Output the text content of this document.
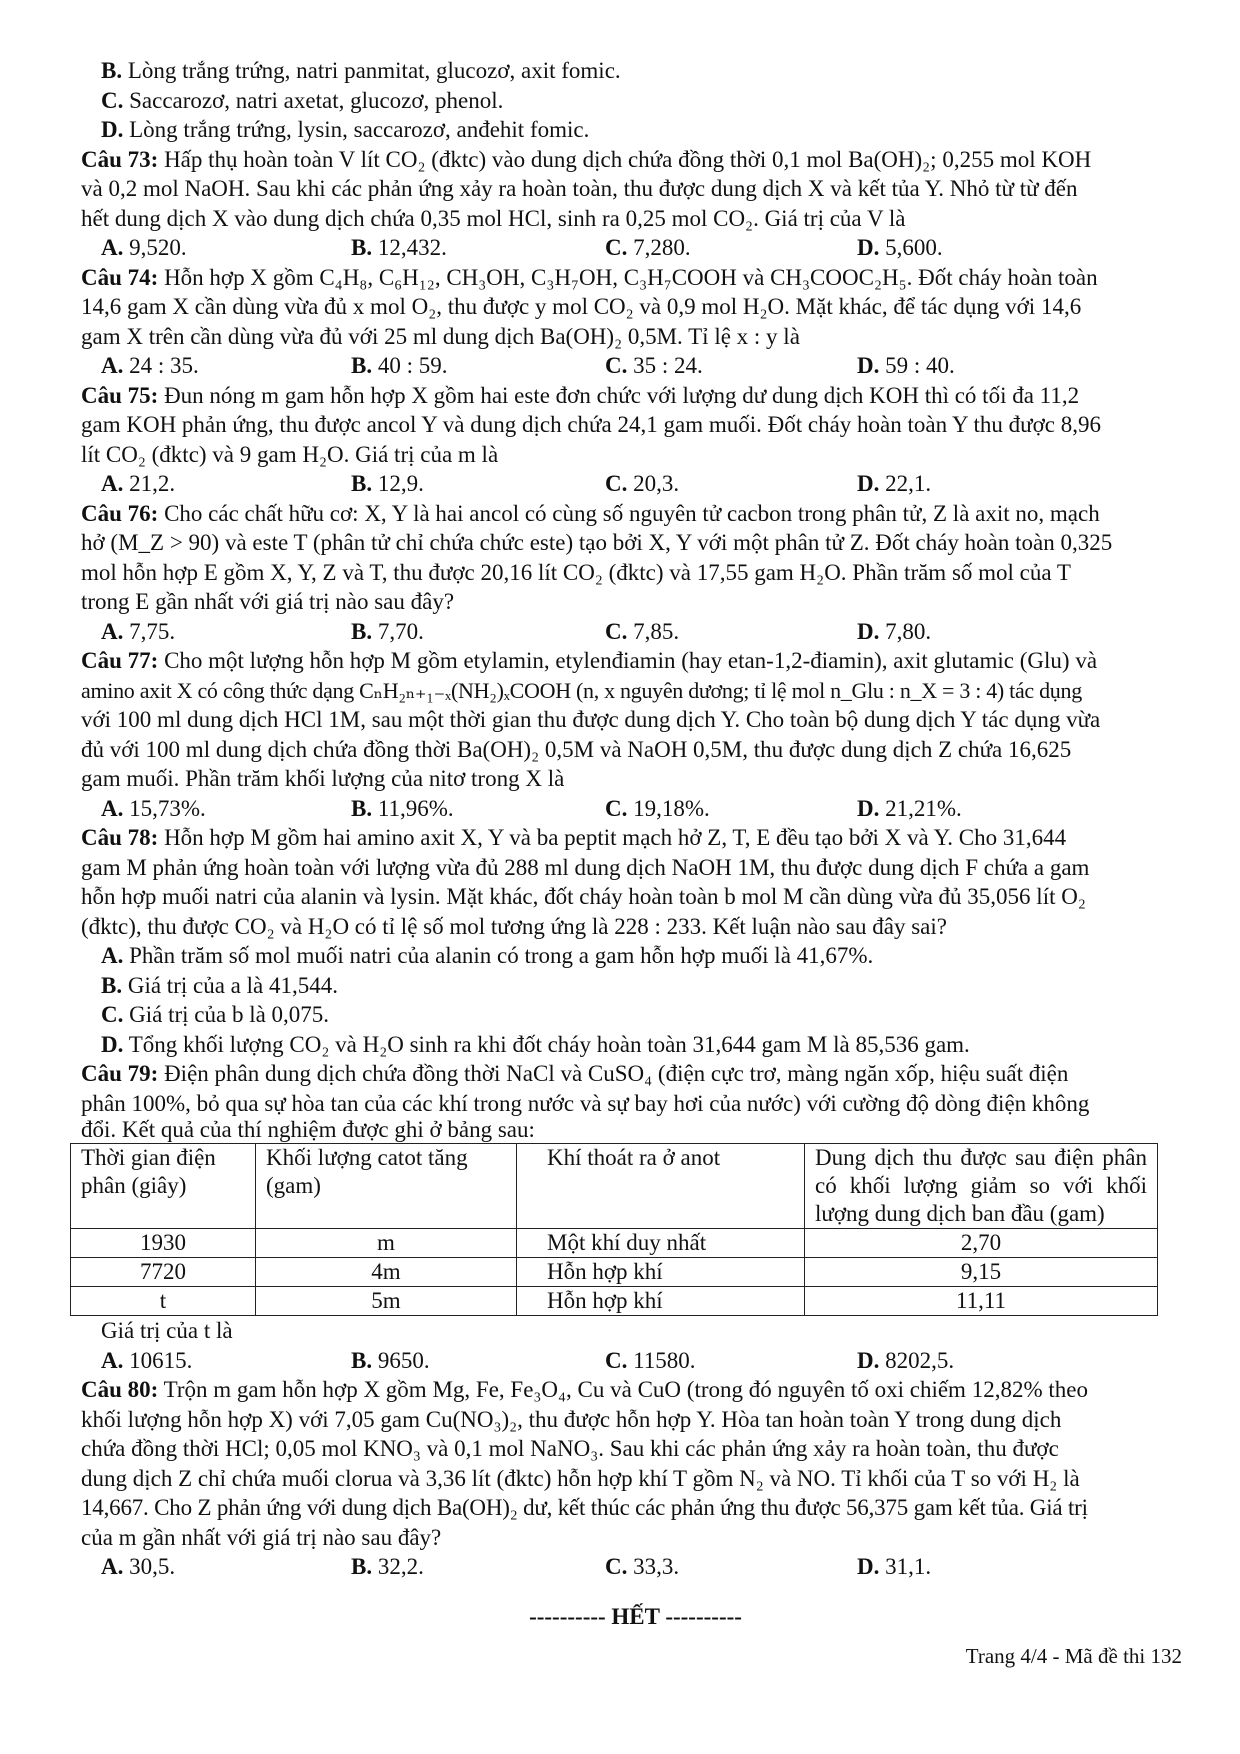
B. Lòng trắng trứng, natri panmitat, glucozơ, axit fomic.

C. Saccarozơ, natri axetat, glucozơ, phenol.

D. Lòng trắng trứng, lysin, saccarozơ, anđehit fomic.

Câu 73: Hấp thụ hoàn toàn V lít CO₂ (đktc) vào dung dịch chứa đồng thời 0,1 mol Ba(OH)₂; 0,255 mol KOH

và 0,2 mol NaOH. Sau khi các phản ứng xảy ra hoàn toàn, thu được dung dịch X và kết tủa Y. Nhỏ từ từ đến

hết dung dịch X vào dung dịch chứa 0,35 mol HCl, sinh ra 0,25 mol CO₂. Giá trị của V là

A. 9,520.	B. 12,432.	C. 7,280.	D. 5,600.

Câu 74: Hỗn hợp X gồm C₄H₈, C₆H₁₂, CH₃OH, C₃H₇OH, C₃H₇COOH và CH₃COOC₂H₅. Đốt cháy hoàn toàn

14,6 gam X cần dùng vừa đủ x mol O₂, thu được y mol CO₂ và 0,9 mol H₂O. Mặt khác, để tác dụng với 14,6

gam X trên cần dùng vừa đủ với 25 ml dung dịch Ba(OH)₂ 0,5M. Tỉ lệ x : y là

A. 24 : 35.	B. 40 : 59.	C. 35 : 24.	D. 59 : 40.

Câu 75: Đun nóng m gam hỗn hợp X gồm hai este đơn chức với lượng dư dung dịch KOH thì có tối đa 11,2

gam KOH phản ứng, thu được ancol Y và dung dịch chứa 24,1 gam muối. Đốt cháy hoàn toàn Y thu được 8,96

lít CO₂ (đktc) và 9 gam H₂O. Giá trị của m là

A. 21,2.	B. 12,9.	C. 20,3.	D. 22,1.

Câu 76: Cho các chất hữu cơ: X, Y là hai ancol có cùng số nguyên tử cacbon trong phân tử, Z là axit no, mạch

hở (M_Z > 90) và este T (phân tử chỉ chứa chức este) tạo bởi X, Y với một phân tử Z. Đốt cháy hoàn toàn 0,325

mol hỗn hợp E gồm X, Y, Z và T, thu được 20,16 lít CO₂ (đktc) và 17,55 gam H₂O. Phần trăm số mol của T

trong E gần nhất với giá trị nào sau đây?

A. 7,75.	B. 7,70.	C. 7,85.	D. 7,80.

Câu 77: Cho một lượng hỗn hợp M gồm etylamin, etylenđiamin (hay etan-1,2-điamin), axit glutamic (Glu) và

amino axit X có công thức dạng CₙH₂ₙ₊₁₋ₓ(NH₂)ₓCOOH (n, x nguyên dương; tỉ lệ mol n_Glu : n_X = 3 : 4) tác dụng

với 100 ml dung dịch HCl 1M, sau một thời gian thu được dung dịch Y. Cho toàn bộ dung dịch Y tác dụng vừa

đủ với 100 ml dung dịch chứa đồng thời Ba(OH)₂ 0,5M và NaOH 0,5M, thu được dung dịch Z chứa 16,625

gam muối. Phần trăm khối lượng của nitơ trong X là

A. 15,73%.	B. 11,96%.	C. 19,18%.	D. 21,21%.

Câu 78: Hỗn hợp M gồm hai amino axit X, Y và ba peptit mạch hở Z, T, E đều tạo bởi X và Y. Cho 31,644

gam M phản ứng hoàn toàn với lượng vừa đủ 288 ml dung dịch NaOH 1M, thu được dung dịch F chứa a gam

hỗn hợp muối natri của alanin và lysin. Mặt khác, đốt cháy hoàn toàn b mol M cần dùng vừa đủ 35,056 lít O₂

(đktc), thu được CO₂ và H₂O có tỉ lệ số mol tương ứng là 228 : 233. Kết luận nào sau đây sai?

A. Phần trăm số mol muối natri của alanin có trong a gam hỗn hợp muối là 41,67%.

B. Giá trị của a là 41,544.

C. Giá trị của b là 0,075.

D. Tổng khối lượng CO₂ và H₂O sinh ra khi đốt cháy hoàn toàn 31,644 gam M là 85,536 gam.

Câu 79: Điện phân dung dịch chứa đồng thời NaCl và CuSO₄ (điện cực trơ, màng ngăn xốp, hiệu suất điện

phân 100%, bỏ qua sự hòa tan của các khí trong nước và sự bay hơi của nước) với cường độ dòng điện không

đổi. Kết quả của thí nghiệm được ghi ở bảng sau:

Thời gian điện phân (giây)	Khối lượng catot tăng (gam)	Khí thoát ra ở anot	Dung dịch thu được sau điện phân có khối lượng giảm so với khối lượng dung dịch ban đầu (gam)
1930	m	Một khí duy nhất	2,70
7720	4m	Hỗn hợp khí	9,15
t	5m	Hỗn hợp khí	11,11

Giá trị của t là

A. 10615.	B. 9650.	C. 11580.	D. 8202,5.

Câu 80: Trộn m gam hỗn hợp X gồm Mg, Fe, Fe₃O₄, Cu và CuO (trong đó nguyên tố oxi chiếm 12,82% theo

khối lượng hỗn hợp X) với 7,05 gam Cu(NO₃)₂, thu được hỗn hợp Y. Hòa tan hoàn toàn Y trong dung dịch

chứa đồng thời HCl; 0,05 mol KNO₃ và 0,1 mol NaNO₃. Sau khi các phản ứng xảy ra hoàn toàn, thu được

dung dịch Z chỉ chứa muối clorua và 3,36 lít (đktc) hỗn hợp khí T gồm N₂ và NO. Tỉ khối của T so với H₂ là

14,667. Cho Z phản ứng với dung dịch Ba(OH)₂ dư, kết thúc các phản ứng thu được 56,375 gam kết tủa. Giá trị

của m gần nhất với giá trị nào sau đây?

A. 30,5.	B. 32,2.	C. 33,3.	D. 31,1.

---------- HẾT ----------

Trang 4/4 - Mã đề thi 132
